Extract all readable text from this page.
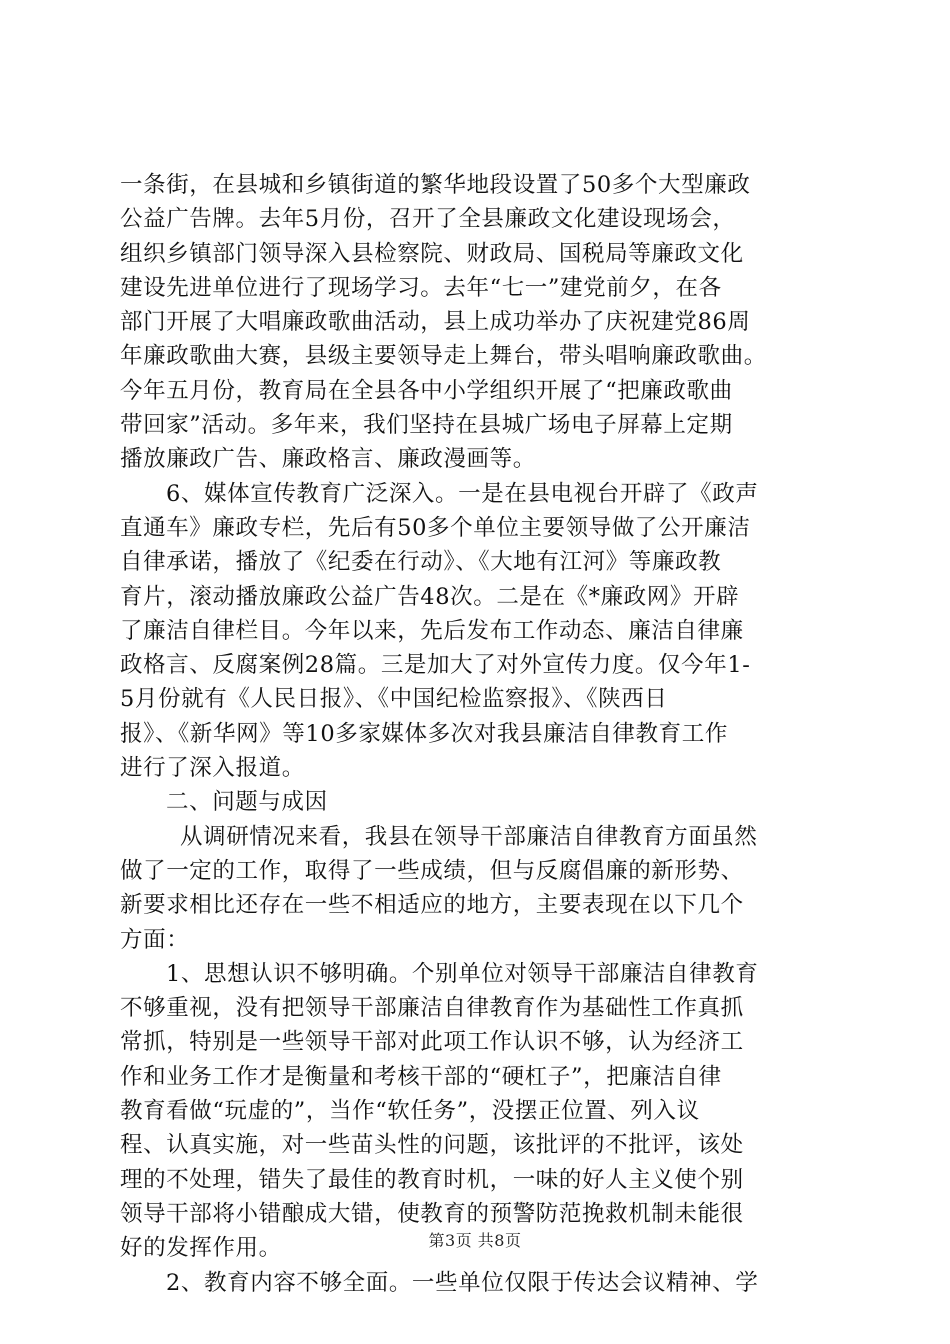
一条街，在县城和乡镇街道的繁华地段设置了50多个大型廉政
公益广告牌。去年5月份，召开了全县廉政文化建设现场会，
组织乡镇部门领导深入县检察院、财政局、国税局等廉政文化
建设先进单位进行了现场学习。去年“七一”建党前夕，在各
部门开展了大唱廉政歌曲活动，县上成功举办了庆祝建党86周
年廉政歌曲大赛，县级主要领导走上舞台，带头唱响廉政歌曲。
今年五月份，教育局在全县各中小学组织开展了“把廉政歌曲
带回家”活动。多年来，我们坚持在县城广场电子屏幕上定期
播放廉政广告、廉政格言、廉政漫画等。
6、媒体宣传教育广泛深入。一是在县电视台开辟了《政声
直通车》廉政专栏，先后有50多个单位主要领导做了公开廉洁
自律承诺，播放了《纪委在行动》、《大地有江河》等廉政教
育片，滚动播放廉政公益广告48次。二是在《*廉政网》开辟
了廉洁自律栏目。今年以来，先后发布工作动态、廉洁自律廉
政格言、反腐案例28篇。三是加大了对外宣传力度。仅今年1-
5月份就有《人民日报》、《中国纪检监察报》、《陕西日
报》、《新华网》等10多家媒体多次对我县廉洁自律教育工作
进行了深入报道。
二、问题与成因
从调研情况来看，我县在领导干部廉洁自律教育方面虽然
做了一定的工作，取得了一些成绩，但与反腐倡廉的新形势、
新要求相比还存在一些不相适应的地方，主要表现在以下几个
方面：
1、思想认识不够明确。个别单位对领导干部廉洁自律教育
不够重视，没有把领导干部廉洁自律教育作为基础性工作真抓
常抓，特别是一些领导干部对此项工作认识不够，认为经济工
作和业务工作才是衡量和考核干部的“硬杠子”，把廉洁自律
教育看做“玩虚的”，当作“软任务”，没摆正位置、列入议
程、认真实施，对一些苗头性的问题，该批评的不批评，该处
理的不处理，错失了最佳的教育时机，一味的好人主义使个别
领导干部将小错酿成大错，使教育的预警防范挽救机制未能很
好的发挥作用。
2、教育内容不够全面。一些单位仅限于传达会议精神、学
第3页 共8页
